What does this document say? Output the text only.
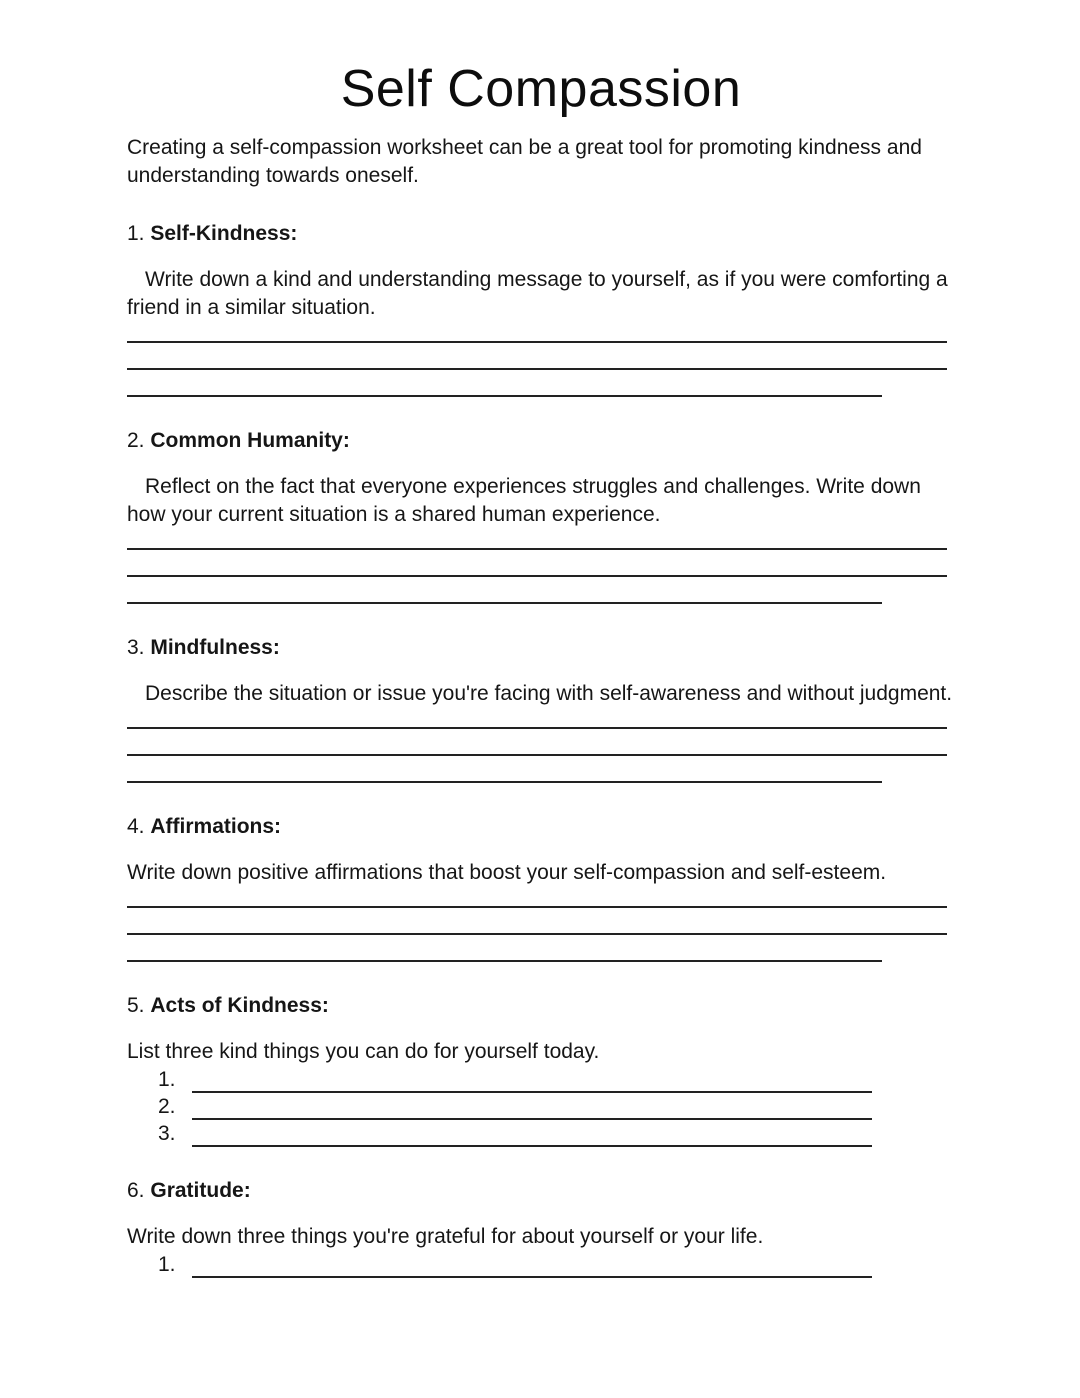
Self Compassion

Creating a self-compassion worksheet can be a great tool for promoting kindness and understanding towards oneself.

1. Self-Kindness:

Write down a kind and understanding message to yourself, as if you were comforting a friend in a similar situation.

2. Common Humanity:

Reflect on the fact that everyone experiences struggles and challenges. Write down how your current situation is a shared human experience.

3. Mindfulness:

Describe the situation or issue you're facing with self-awareness and without judgment.

4. Affirmations:

Write down positive affirmations that boost your self-compassion and self-esteem.

5. Acts of Kindness:

List three kind things you can do for yourself today.

1.
2.
3.
6. Gratitude:

Write down three things you're grateful for about yourself or your life.

1.
